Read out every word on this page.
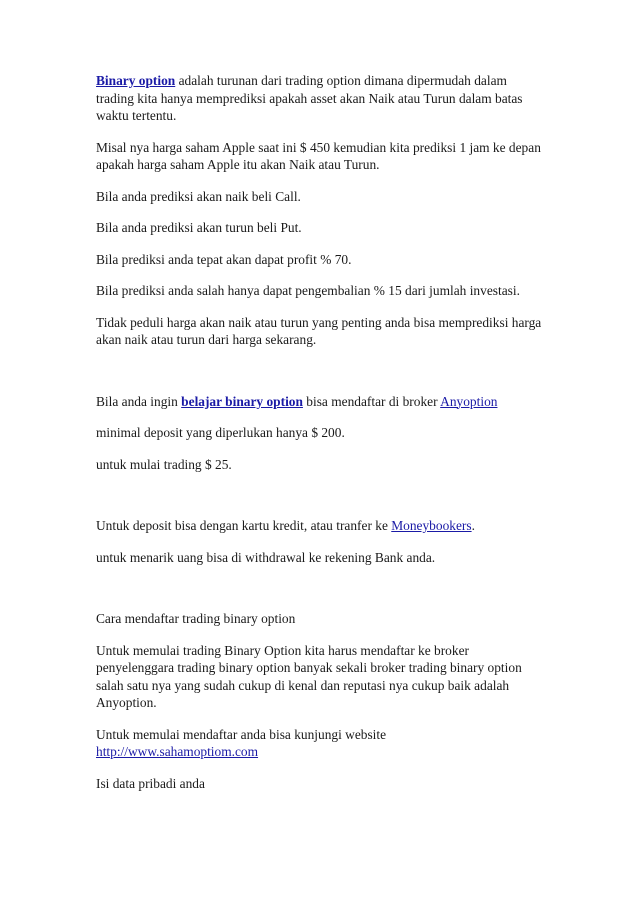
Binary option adalah turunan dari trading option dimana dipermudah dalam trading kita hanya memprediksi apakah asset akan Naik atau Turun dalam batas waktu tertentu.

Misal nya harga saham Apple saat ini $ 450 kemudian kita prediksi 1 jam ke depan apakah harga saham Apple itu akan Naik atau Turun.

Bila anda prediksi akan naik beli Call.

Bila anda prediksi akan turun beli Put.

Bila prediksi anda tepat akan dapat profit % 70.

Bila prediksi anda salah hanya dapat pengembalian % 15 dari jumlah investasi.

Tidak peduli harga akan naik atau turun yang penting anda bisa memprediksi harga akan naik atau turun dari harga sekarang.

Bila anda ingin belajar binary option bisa mendaftar di broker Anyoption

minimal deposit yang diperlukan hanya $ 200.

untuk mulai trading $ 25.

Untuk deposit bisa dengan kartu kredit, atau tranfer ke Moneybookers.

untuk menarik uang bisa di withdrawal ke rekening Bank anda.

Cara mendaftar trading binary option

Untuk memulai trading Binary Option kita harus mendaftar ke broker penyelenggara trading binary option banyak sekali broker trading binary option salah satu nya yang sudah cukup di kenal dan reputasi nya cukup baik adalah Anyoption.

Untuk memulai mendaftar anda bisa kunjungi website http://www.sahamoptiom.com

Isi data pribadi anda
